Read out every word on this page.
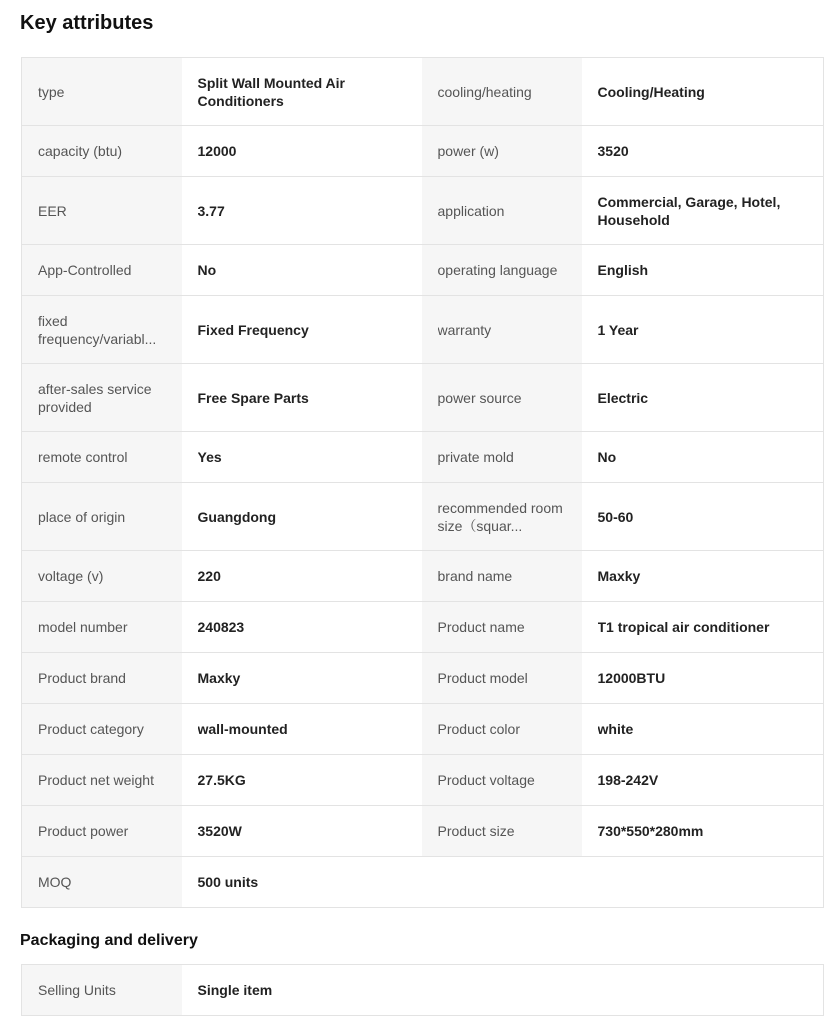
Key attributes
type	Split Wall Mounted Air Conditioners	cooling/heating	Cooling/Heating

capacity (btu)	12000	power (w)	3520

EER	3.77	application	Commercial, Garage, Hotel, Household

App-Controlled	No	operating language	English

fixed frequency/variabl...	Fixed Frequency	warranty	1 Year

after-sales service provided	Free Spare Parts	power source	Electric

remote control	Yes	private mold	No

place of origin	Guangdong	recommended room size（squar...	50-60

voltage (v)	220	brand name	Maxky

model number	240823	Product name	T1 tropical air conditioner

Product brand	Maxky	Product model	12000BTU

Product category	wall-mounted	Product color	white

Product net weight	27.5KG	Product voltage	198-242V

Product power	3520W	Product size	730*550*280mm

MOQ	500 units		

Packaging and delivery
Selling Units	Single item
